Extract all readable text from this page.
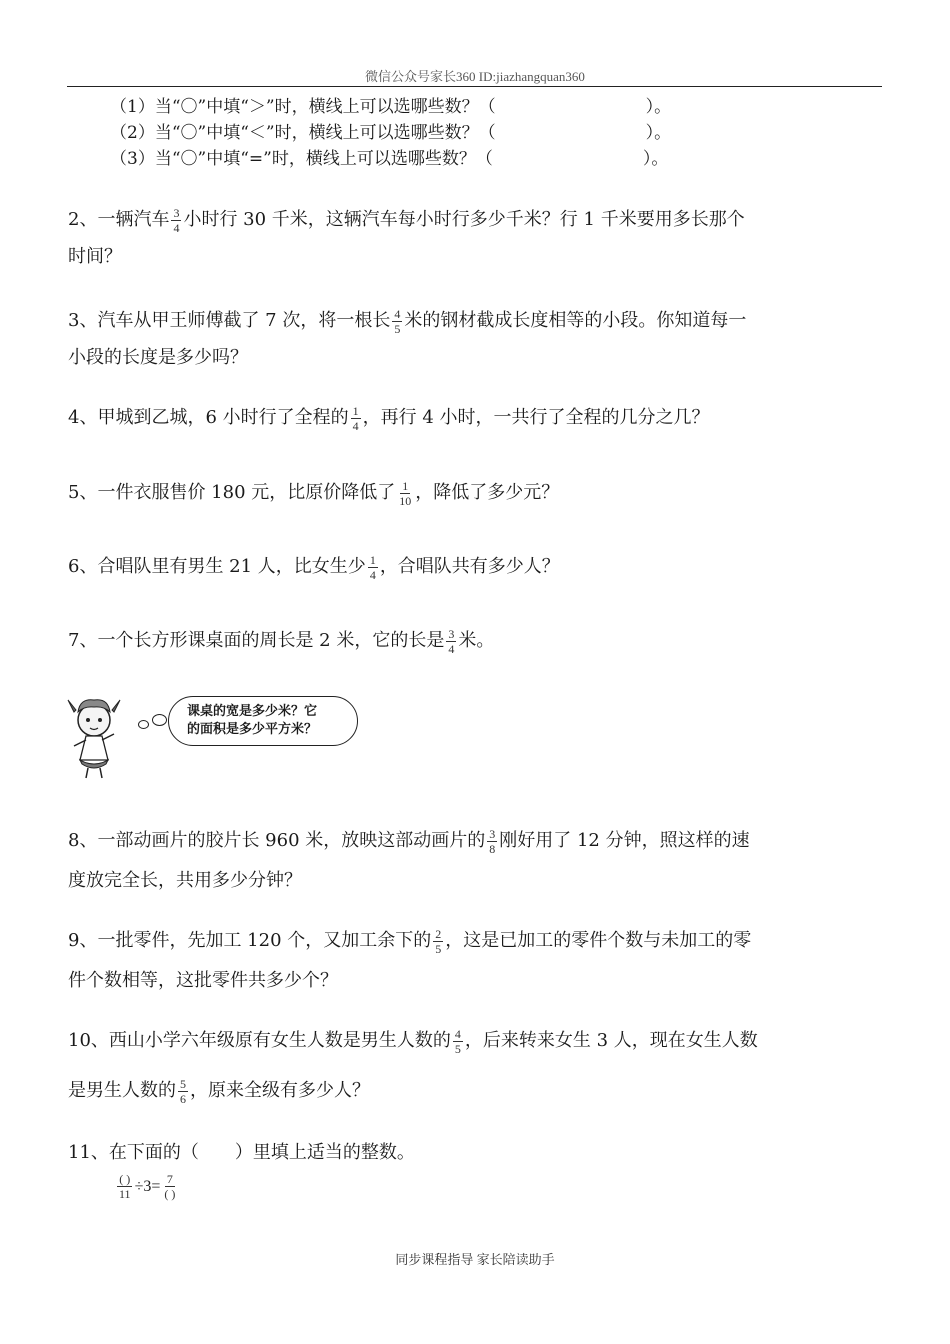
微信公众号家长360 ID:jiazhangquan360
（1）当“〇”中填“＞”时，横线上可以选哪些数？（	）。
（2）当“〇”中填“＜”时，横线上可以选哪些数？（	）。
（3）当“〇”中填“=”时，横线上可以选哪些数？（	）。
2、一辆汽车 $\frac{3}{4}$ 小时行 30 千米，这辆汽车每小时行多少千米？行 1 千米要用多长那个
时间？
3、汽车从甲王师傅截了 7 次，将一根长 $\frac{4}{5}$ 米的钢材截成长度相等的小段。你知道每一
小段的长度是多少吗？
4、甲城到乙城，6 小时行了全程的 $\frac{1}{4}$ ，再行 4 小时，一共行了全程的几分之几？
5、一件衣服售价 180 元，比原价降低了 $\frac{1}{10}$ ，降低了多少元？
6、合唱队里有男生 21 人，比女生少 $\frac{1}{4}$ ，合唱队共有多少人？
7、一个长方形课桌面的周长是 2 米，它的长是 $\frac{3}{4}$ 米。
课桌的宽是多少米？它
的面积是多少平方米？
8、一部动画片的胶片长 960 米，放映这部动画片的 $\frac{3}{8}$ 刚好用了 12 分钟，照这样的速
度放完全长，共用多少分钟？
9、一批零件，先加工 120 个，又加工余下的 $\frac{2}{5}$ ，这是已加工的零件个数与未加工的零
件个数相等，这批零件共多少个？
10、西山小学六年级原有女生人数是男生人数的 $\frac{4}{5}$ ，后来转来女生 3 人，现在女生人数
是男生人数的 $\frac{5}{6}$ ，原来全级有多少人？
11、在下面的（　　）里填上适当的整数。
$\frac{( )}{11} \div 3= \frac{7}{( )}$
同步课程指导 家长陪读助手
